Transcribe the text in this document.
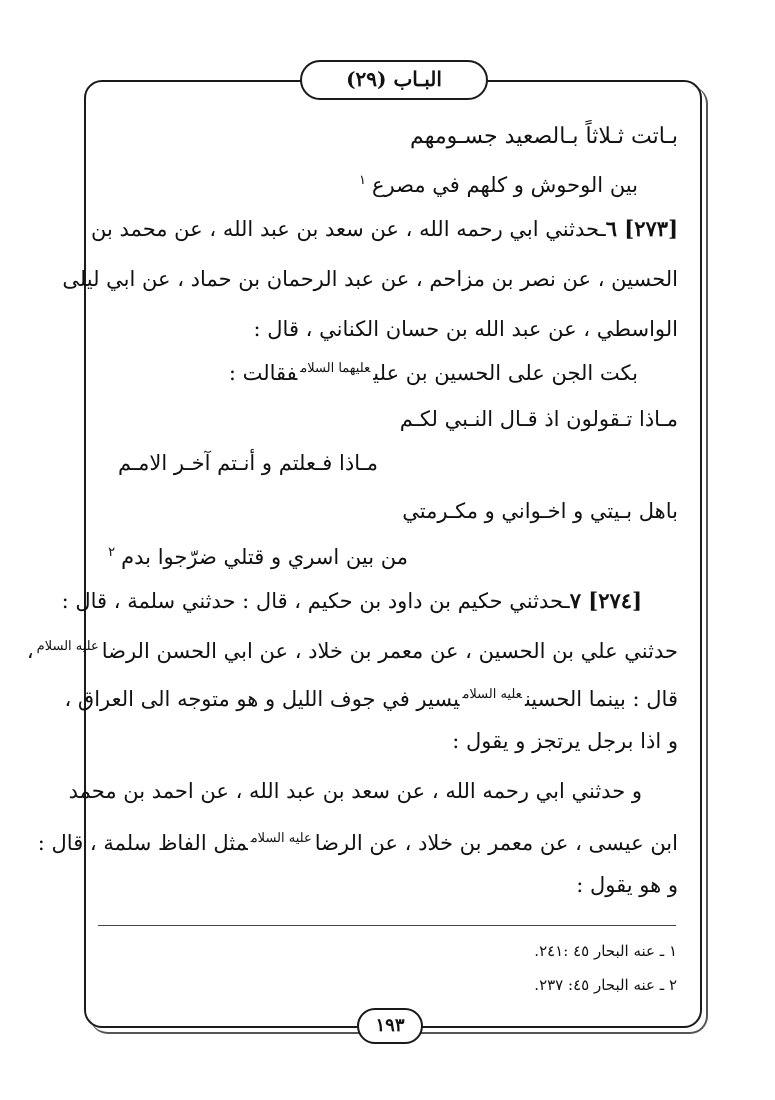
البـاب (٢٩)
بـاتت ثـلاثاً بـالصعيد جسـومهم
بين الوحوش و كلهم في مصرع$^١$
[٢٧٣] ٦ـحدثني ابي رحمه الله ، عن سعد بن عبد الله ، عن محمد بن
الحسين ، عن نصر بن مزاحم ، عن عبد الرحمان بن حماد ، عن ابي ليلى
الواسطي ، عن عبد الله بن حسان الكناني ، قال :
بكت الجن على الحسين بن علي$^{عليهما السلام}$فقالت :
مـاذا تـقولون اذ قـال النـبي لكـم
مـاذا فـعلتم و أنـتم آخـر الامـم
باهل بـيتي و اخـواني و مكـرمتي
من بين اسري و قتلي ضرّجوا بدم$^٢$
[٢٧٤] ٧ـحدثني حكيم بن داود بن حكيم ، قال : حدثني سلمة ، قال :
حدثني علي بن الحسين ، عن معمر بن خلاد ، عن ابي الحسن الرضا$^{عليه السلام}$،
قال : بينما الحسين$^{عليه السلام}$يسير في جوف الليل و هو متوجه الى العراق ،
و اذا برجل يرتجز و يقول :
و حدثني ابي رحمه الله ، عن سعد بن عبد الله ، عن احمد بن محمد
ابن عيسى ، عن معمر بن خلاد ، عن الرضا$^{عليه السلام}$مثل الفاظ سلمة ، قال :
و هو يقول :
١ ـ عنه البحار ٤٥ :٢٤١.
٢ ـ عنه البحار ٤٥: ٢٣٧.
١٩٣
